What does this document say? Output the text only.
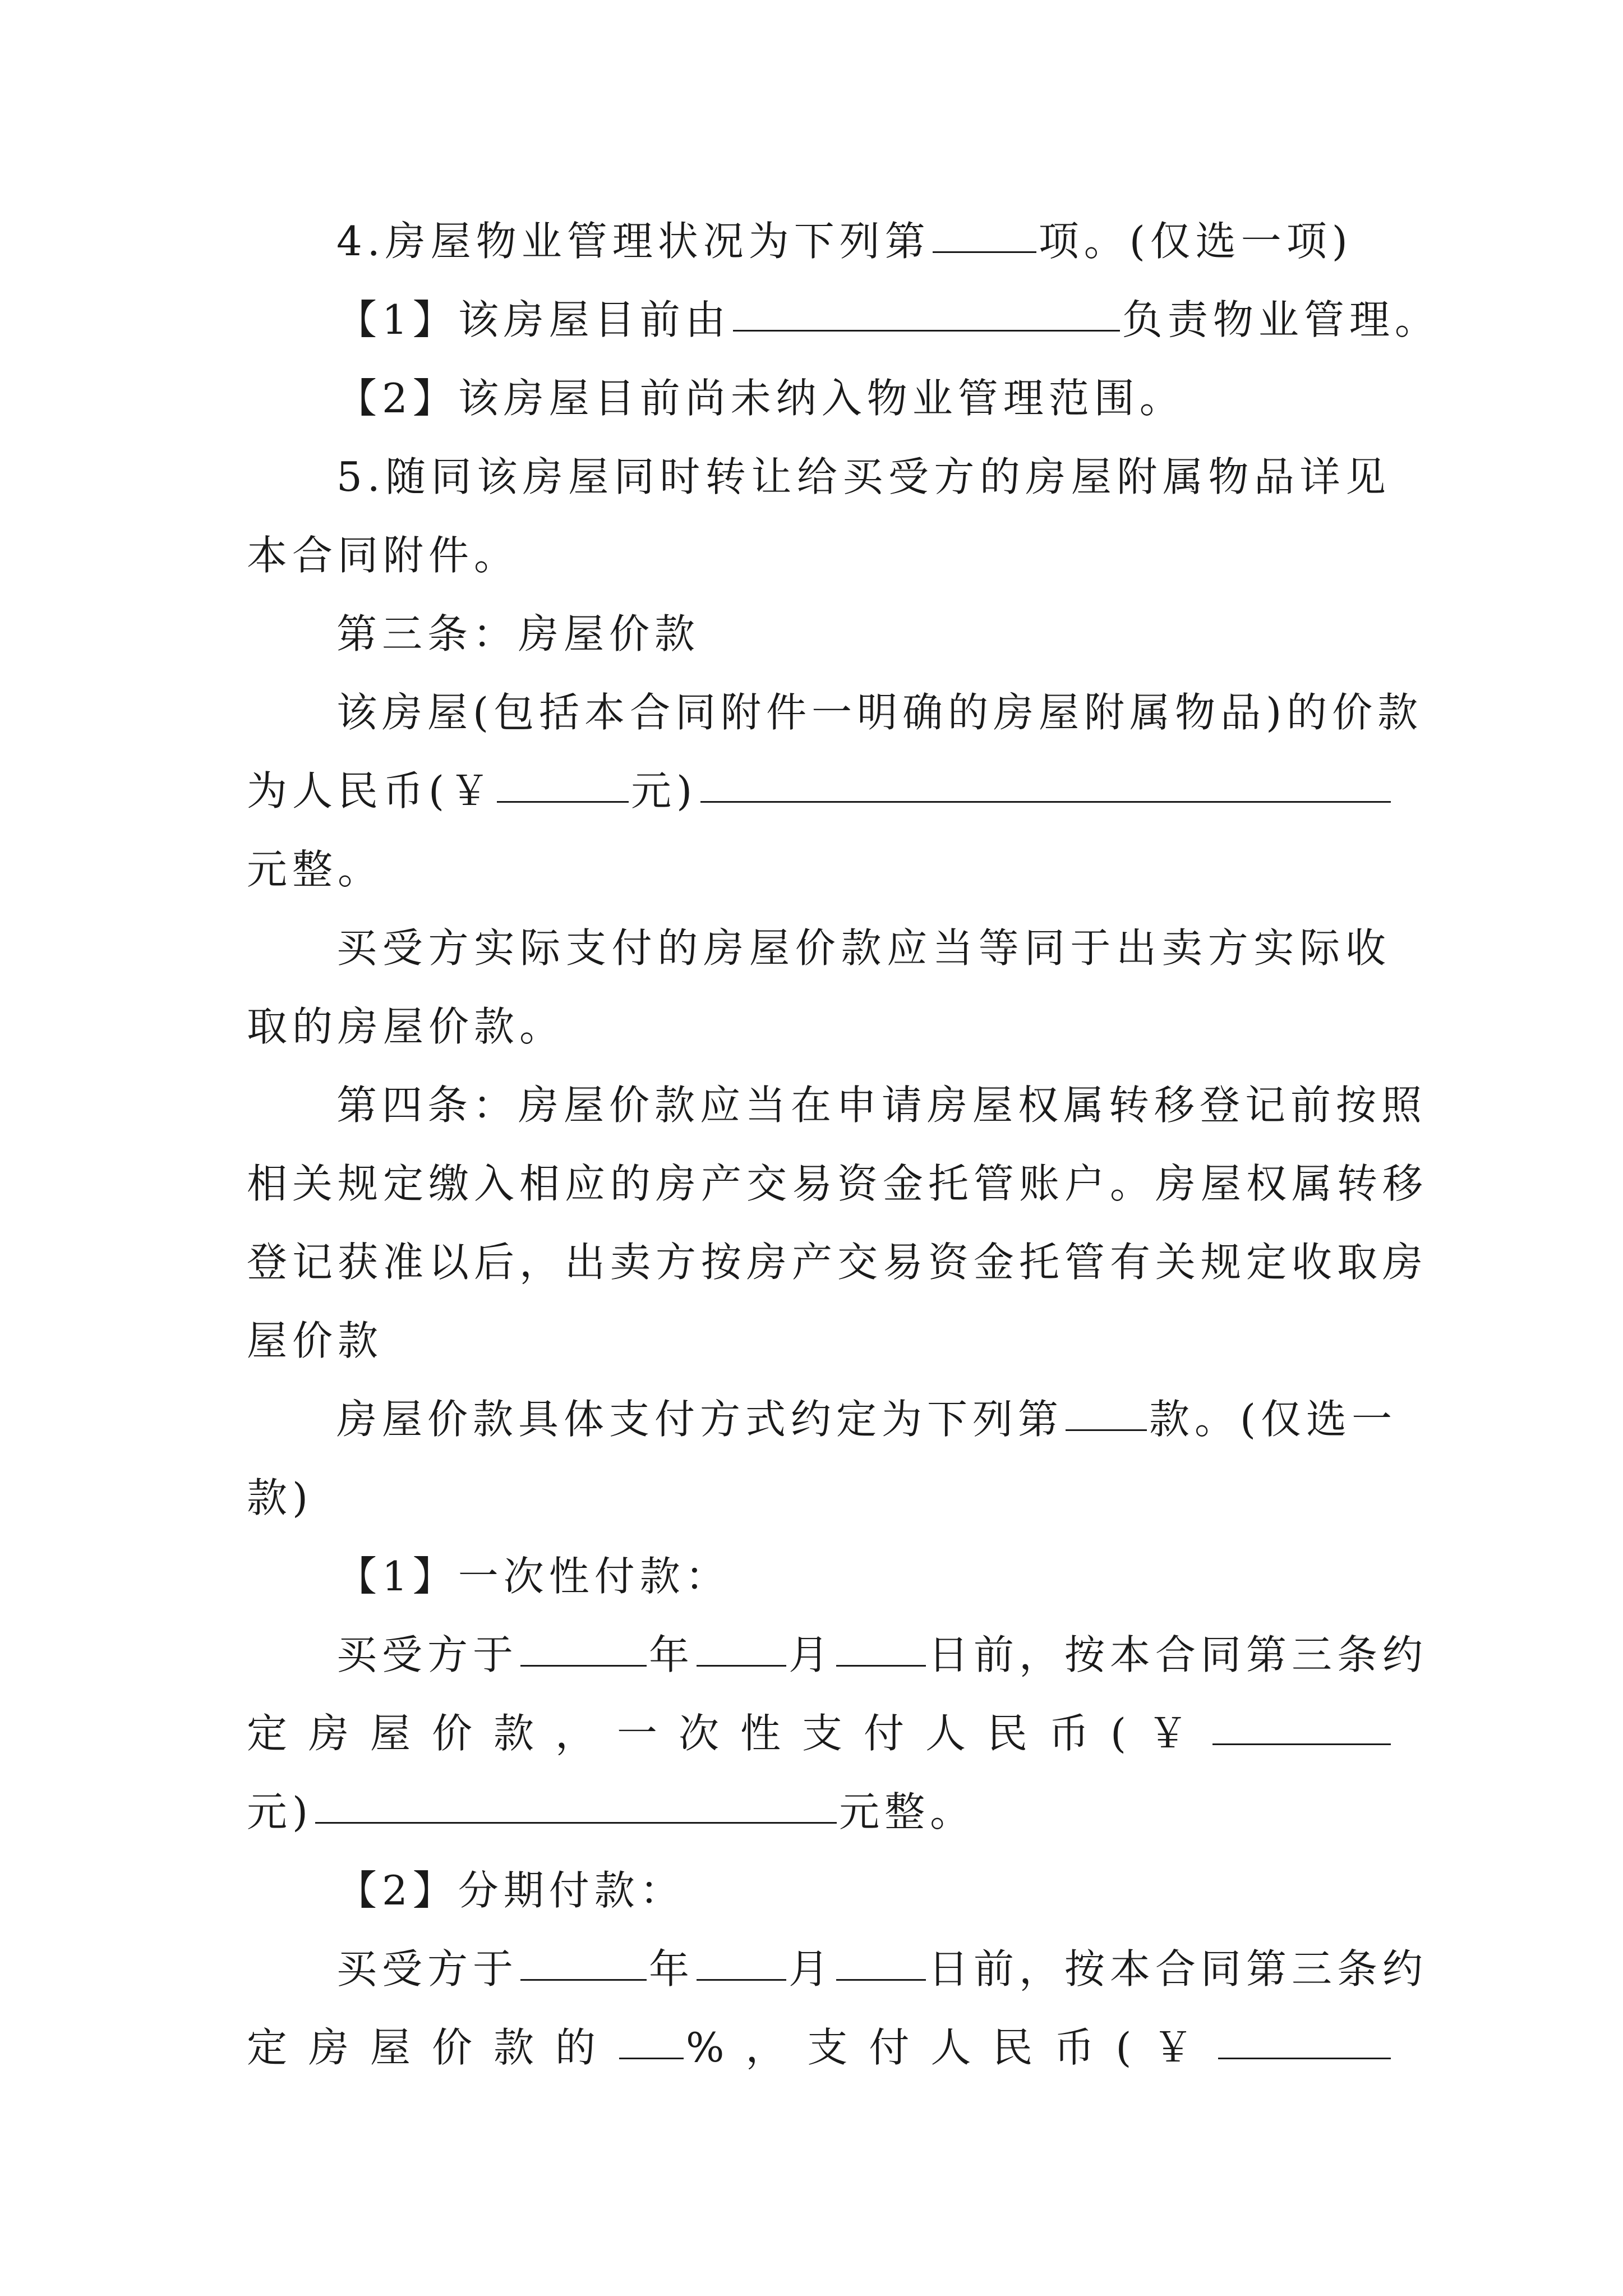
4.房屋物业管理状况为下列第	项。(仅选一项)
【1】该房屋目前由	负责物业管理。
【2】该房屋目前尚未纳入物业管理范围。
5.随同该房屋同时转让给买受方的房屋附属物品详见
本合同附件。
第三条：房屋价款
该房屋(包括本合同附件一明确的房屋附属物品)的价款
为人民币(￥	元)
元整。
买受方实际支付的房屋价款应当等同于出卖方实际收
取的房屋价款。
第四条：房屋价款应当在申请房屋权属转移登记前按照
相关规定缴入相应的房产交易资金托管账户。房屋权属转移
登记获准以后，出卖方按房产交易资金托管有关规定收取房
屋价款
房屋价款具体支付方式约定为下列第 款。(仅选一
款)
【1】一次性付款：
买受方于	年 月 日前，按本合同第三条约
定房屋价款，一次性支付人民币(￥
元)	元整。
【2】分期付款：
买受方于	年 月 日前，按本合同第三条约
定房屋价款的 %，支付人民币(￥
